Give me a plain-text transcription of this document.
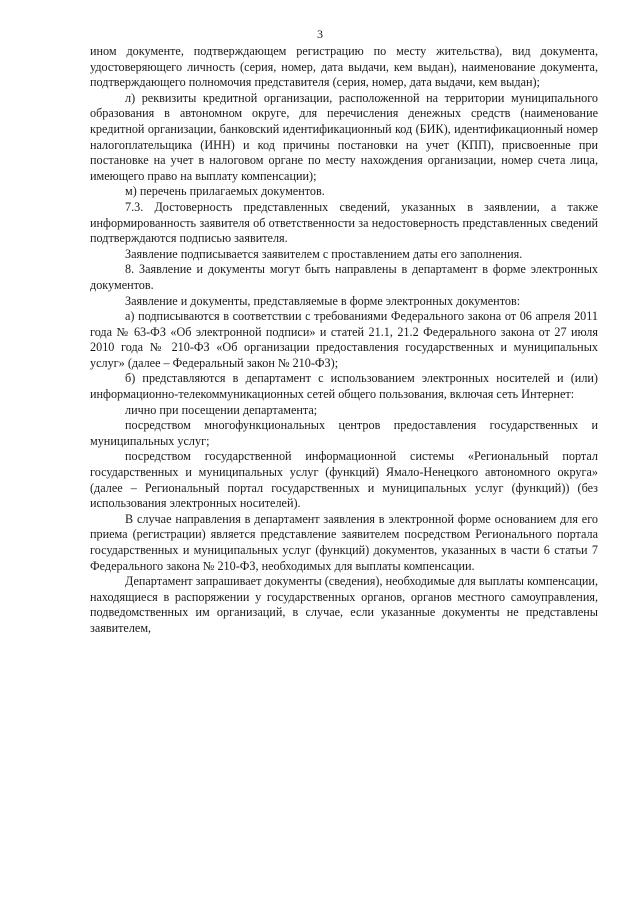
3

ином документе, подтверждающем регистрацию по месту жительства), вид документа, удостоверяющего личность (серия, номер, дата выдачи, кем выдан), наименование документа, подтверждающего полномочия представителя (серия, номер, дата выдачи, кем выдан);

л) реквизиты кредитной организации, расположенной на территории муниципального образования в автономном округе, для перечисления денежных средств (наименование кредитной организации, банковский идентификационный код (БИК), идентификационный номер налогоплательщика (ИНН) и код причины постановки на учет (КПП), присвоенные при постановке на учет в налоговом органе по месту нахождения организации, номер счета лица, имеющего право на выплату компенсации);

м) перечень прилагаемых документов.

7.3. Достоверность представленных сведений, указанных в заявлении, а также информированность заявителя об ответственности за недостоверность представленных сведений подтверждаются подписью заявителя.

Заявление подписывается заявителем с проставлением даты его заполнения.

8. Заявление и документы могут быть направлены в департамент в форме электронных документов.

Заявление и документы, представляемые в форме электронных документов:

а) подписываются в соответствии с требованиями Федерального закона от 06 апреля 2011 года № 63-ФЗ «Об электронной подписи» и статей 21.1, 21.2 Федерального закона от 27 июля 2010 года № 210-ФЗ «Об организации предоставления государственных и муниципальных услуг» (далее – Федеральный закон № 210-ФЗ);

б) представляются в департамент с использованием электронных носителей и (или) информационно-телекоммуникационных сетей общего пользования, включая сеть Интернет:

лично при посещении департамента;

посредством многофункциональных центров предоставления государственных и муниципальных услуг;

посредством государственной информационной системы «Региональный портал государственных и муниципальных услуг (функций) Ямало-Ненецкого автономного округа» (далее – Региональный портал государственных и муниципальных услуг (функций)) (без использования электронных носителей).

В случае направления в департамент заявления в электронной форме основанием для его приема (регистрации) является представление заявителем посредством Регионального портала государственных и муниципальных услуг (функций) документов, указанных в части 6 статьи 7 Федерального закона № 210-ФЗ, необходимых для выплаты компенсации.

Департамент запрашивает документы (сведения), необходимые для выплаты компенсации, находящиеся в распоряжении у государственных органов, органов местного самоуправления, подведомственных им организаций, в случае, если указанные документы не представлены заявителем,
